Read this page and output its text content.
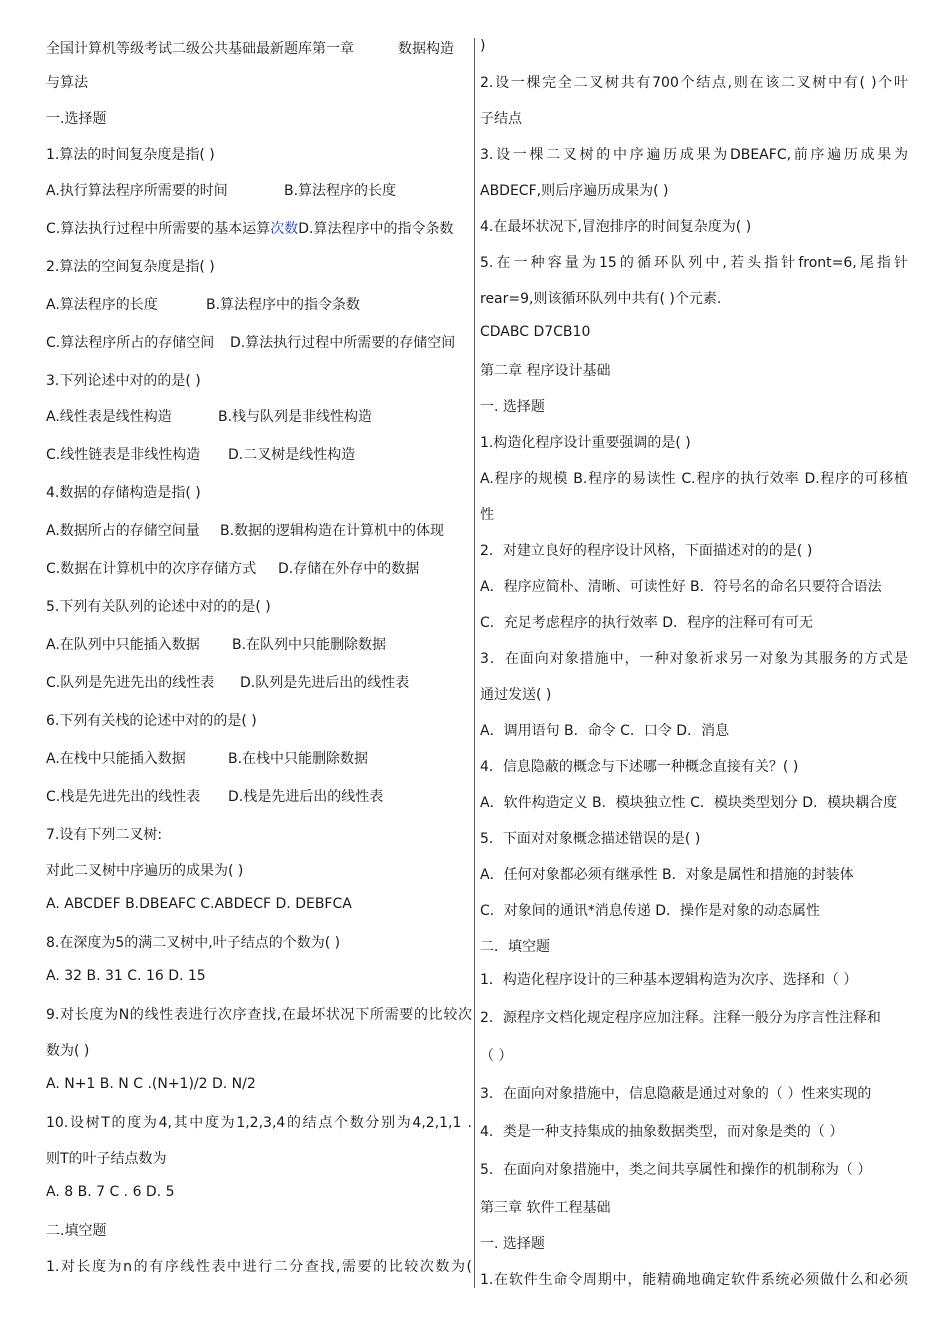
全国计算机等级考试二级公共基础最新题库第一章	数据构造
与算法
一.选择题
1.算法的时间复杂度是指( )
A.执行算法程序所需要的时间	B.算法程序的长度
C.算法执行过程中所需要的基本运算次数D.算法程序中的指令条数
2.算法的空间复杂度是指( )
A.算法程序的长度	B.算法程序中的指令条数
C.算法程序所占的存储空间 D.算法执行过程中所需要的存储空间
3.下列论述中对的的是( )
A.线性表是线性构造	B.栈与队列是非线性构造
C.线性链表是非线性构造 D.二叉树是线性构造
4.数据的存储构造是指( )
A.数据所占的存储空间量 B.数据的逻辑构造在计算机中的体现
C.数据在计算机中的次序存储方式 D.存储在外存中的数据
5.下列有关队列的论述中对的的是( )
A.在队列中只能插入数据 B.在队列中只能删除数据
C.队列是先进先出的线性表 D.队列是先进后出的线性表
6.下列有关栈的论述中对的的是( )
A.在栈中只能插入数据	B.在栈中只能删除数据
C.栈是先进先出的线性表 D.栈是先进后出的线性表
7.设有下列二叉树:
对此二叉树中序遍历的成果为( )
A. ABCDEF B.DBEAFC C.ABDECF D. DEBFCA
8.在深度为5的满二叉树中,叶子结点的个数为( )
A. 32 B. 31 C. 16 D. 15
9.对长度为N的线性表进行次序查找,在最坏状况下所需要的比较次
数为( )
A. N+1 B. N C .(N+1)/2 D. N/2
10.设树T的度为4,其中度为1,2,3,4的结点个数分别为4,2,1,1 .
则T的叶子结点数为
A. 8 B. 7 C . 6 D. 5
二.填空题
1.对长度为n的有序线性表中进行二分查找,需要的比较次数为(
)
2.设一棵完全二叉树共有700个结点,则在该二叉树中有( )个叶
子结点
3.设一棵二叉树的中序遍历成果为DBEAFC,前序遍历成果为
ABDECF,则后序遍历成果为( )
4.在最坏状况下,冒泡排序的时间复杂度为( )
5.在一种容量为15的循环队列中,若头指针front=6,尾指针
rear=9,则该循环队列中共有( )个元素.
CDABC D7CB10
第二章 程序设计基础
一. 选择题
1.构造化程序设计重要强调的是( )
A.程序的规模 B.程序的易读性 C.程序的执行效率 D.程序的可移植
性
2．对建立良好的程序设计风格，下面描述对的的是( )
A．程序应简朴、清晰、可读性好 B．符号名的命名只要符合语法
C．充足考虑程序的执行效率 D．程序的注释可有可无
3．在面向对象措施中，一种对象祈求另一对象为其服务的方式是
通过发送( )
A．调用语句 B．命令 C．口令 D．消息
4．信息隐蔽的概念与下述哪一种概念直接有关？( )
A．软件构造定义 B．模块独立性 C．模块类型划分 D．模块耦合度
5．下面对对象概念描述错误的是( )
A．任何对象都必须有继承性 B．对象是属性和措施的封装体
C．对象间的通讯*消息传递 D．操作是对象的动态属性
二．填空题
1．构造化程序设计的三种基本逻辑构造为次序、选择和（ ）
2．源程序文档化规定程序应加注释。注释一般分为序言性注释和
（ ）
3．在面向对象措施中，信息隐蔽是通过对象的（ ）性来实现的
4．类是一种支持集成的抽象数据类型，而对象是类的（ ）
5．在面向对象措施中，类之间共享属性和操作的机制称为（ ）
第三章 软件工程基础
一. 选择题
1.在软件生命令周期中，能精确地确定软件系统必须做什么和必须
